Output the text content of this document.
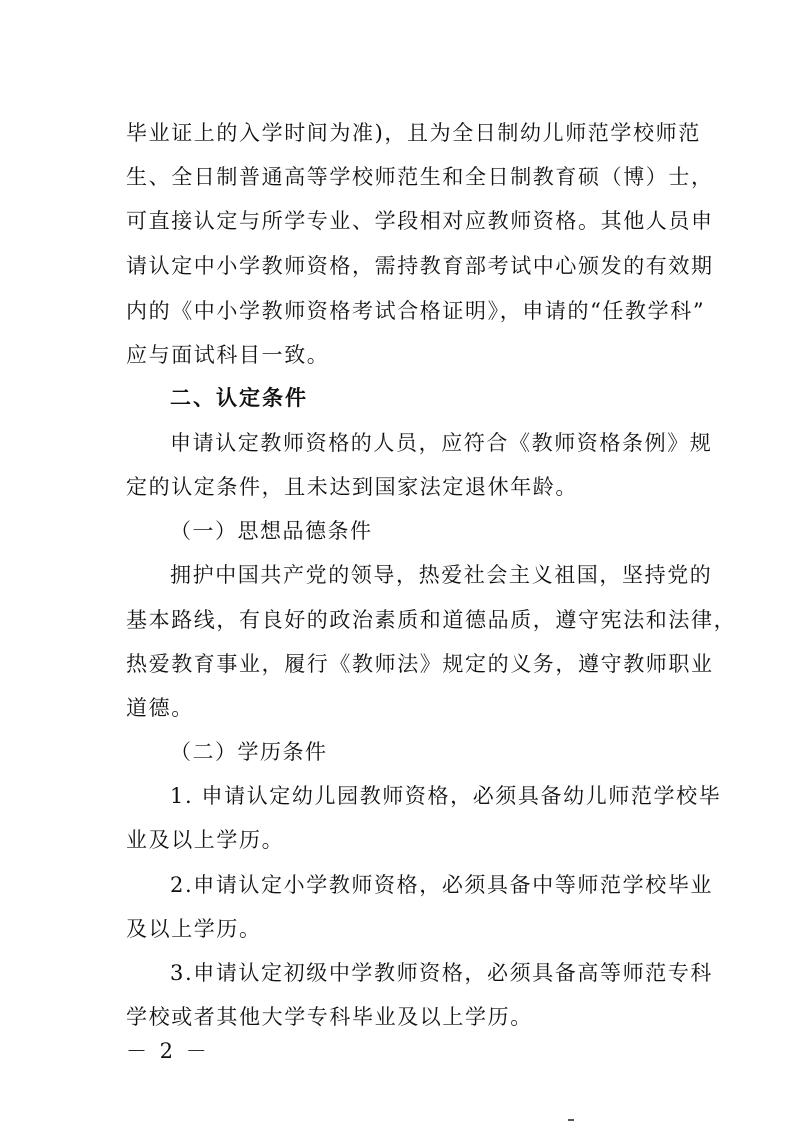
毕业证上的入学时间为准)，且为全日制幼儿师范学校师范
生、全日制普通高等学校师范生和全日制教育硕（博）士，
可直接认定与所学专业、学段相对应教师资格。其他人员申
请认定中小学教师资格，需持教育部考试中心颁发的有效期
内的《中小学教师资格考试合格证明》，申请的“任教学科”
应与面试科目一致。
二、认定条件
申请认定教师资格的人员，应符合《教师资格条例》规
定的认定条件，且未达到国家法定退休年龄。
（一）思想品德条件
拥护中国共产党的领导，热爱社会主义祖国，坚持党的
基本路线，有良好的政治素质和道德品质，遵守宪法和法律，
热爱教育事业，履行《教师法》规定的义务，遵守教师职业
道德。
（二）学历条件
1. 申请认定幼儿园教师资格，必须具备幼儿师范学校毕
业及以上学历。
2.申请认定小学教师资格，必须具备中等师范学校毕业
及以上学历。
3.申请认定初级中学教师资格，必须具备高等师范专科
学校或者其他大学专科毕业及以上学历。
－ 2 －
